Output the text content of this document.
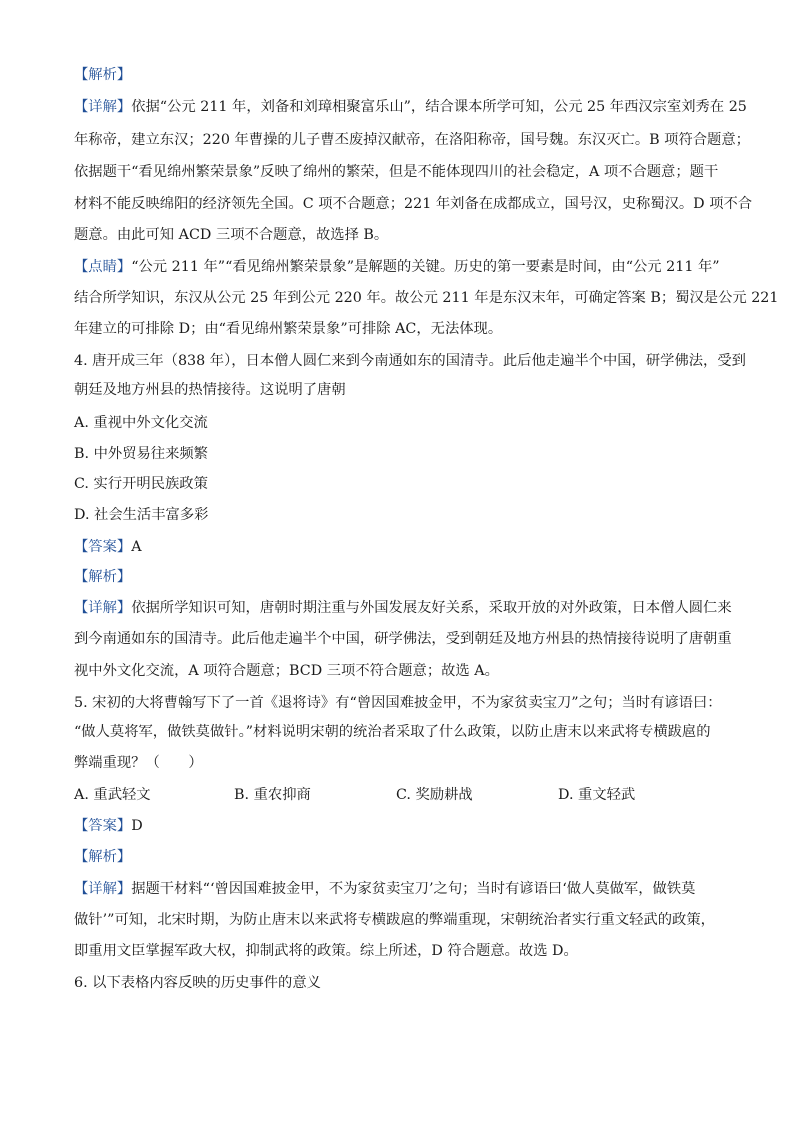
【解析】
【详解】依据“公元 211 年，刘备和刘璋相聚富乐山”，结合课本所学可知，公元 25 年西汉宗室刘秀在 25
年称帝，建立东汉；220 年曹操的儿子曹丕废掉汉献帝，在洛阳称帝，国号魏。东汉灭亡。B 项符合题意；
依据题干“看见绵州繁荣景象”反映了绵州的繁荣，但是不能体现四川的社会稳定，A 项不合题意；题干
材料不能反映绵阳的经济领先全国。C 项不合题意；221 年刘备在成都成立，国号汉，史称蜀汉。D 项不合
题意。由此可知 ACD 三项不合题意，故选择 B。
【点睛】“公元 211 年”“看见绵州繁荣景象”是解题的关键。历史的第一要素是时间，由“公元 211 年”
结合所学知识，东汉从公元 25 年到公元 220 年。故公元 211 年是东汉末年，可确定答案 B；蜀汉是公元 221
年建立的可排除 D；由“看见绵州繁荣景象”可排除 AC，无法体现。
4. 唐开成三年（838 年），日本僧人圆仁来到今南通如东的国清寺。此后他走遍半个中国，研学佛法，受到
朝廷及地方州县的热情接待。这说明了唐朝
A. 重视中外文化交流
B. 中外贸易往来频繁
C. 实行开明民族政策
D. 社会生活丰富多彩
【答案】A
【解析】
【详解】依据所学知识可知，唐朝时期注重与外国发展友好关系，采取开放的对外政策，日本僧人圆仁来
到今南通如东的国清寺。此后他走遍半个中国，研学佛法，受到朝廷及地方州县的热情接待说明了唐朝重
视中外文化交流，A 项符合题意；BCD 三项不符合题意；故选 A。
5. 宋初的大将曹翰写下了一首《退将诗》有“曾因国难披金甲，不为家贫卖宝刀”之句；当时有谚语曰：
“做人莫将军，做铁莫做针。”材料说明宋朝的统治者采取了什么政策，以防止唐末以来武将专横跋扈的
弊端重现？（　　）
A. 重武轻文	B. 重农抑商	C. 奖励耕战	D. 重文轻武
【答案】D
【解析】
【详解】据题干材料“‘曾因国难披金甲，不为家贫卖宝刀’之句；当时有谚语曰‘做人莫做军，做铁莫
做针’”可知，北宋时期，为防止唐末以来武将专横跋扈的弊端重现，宋朝统治者实行重文轻武的政策，
即重用文臣掌握军政大权，抑制武将的政策。综上所述，D 符合题意。故选 D。
6. 以下表格内容反映的历史事件的意义
